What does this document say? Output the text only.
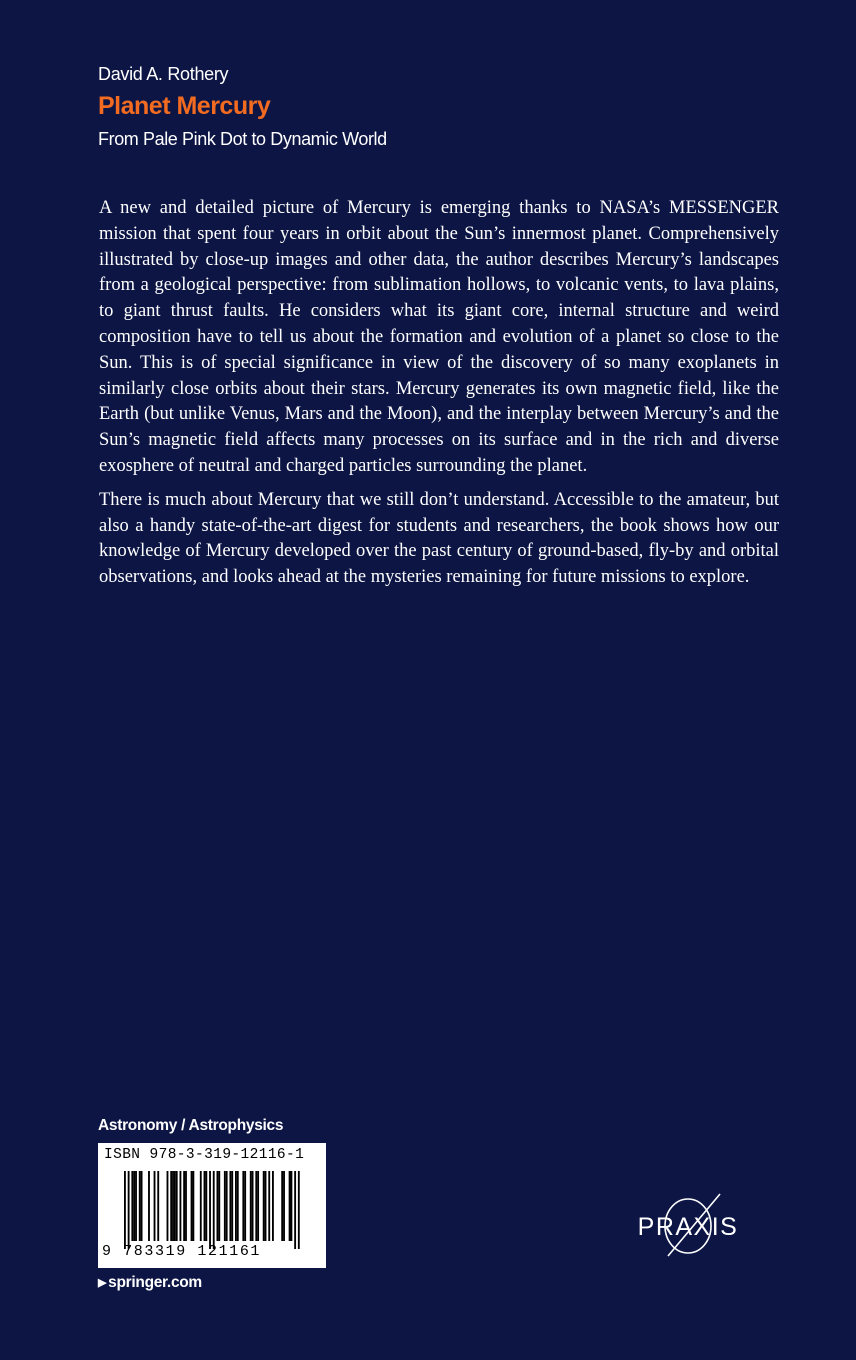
David A. Rothery
Planet Mercury
From Pale Pink Dot to Dynamic World

A new and detailed picture of Mercury is emerging thanks to NASA’s MESSENGER mission that spent four years in orbit about the Sun’s innermost planet. Comprehensively illustrated by close-up images and other data, the author describes Mercury’s landscapes from a geological perspective: from sublimation hollows, to volcanic vents, to lava plains, to giant thrust faults. He considers what its giant core, internal structure and weird composition have to tell us about the formation and evolution of a planet so close to the Sun. This is of special significance in view of the discovery of so many exoplanets in similarly close orbits about their stars. Mercury generates its own magnetic field, like the Earth (but unlike Venus, Mars and the Moon), and the interplay between Mercury’s and the Sun’s magnetic field affects many processes on its surface and in the rich and diverse exosphere of neutral and charged particles surrounding the planet.

There is much about Mercury that we still don’t understand. Accessible to the amateur, but also a handy state-of-the-art digest for students and researchers, the book shows how our knowledge of Mercury developed over the past century of ground-based, fly-by and orbital observations, and looks ahead at the mysteries remaining for future missions to explore.

Astronomy / Astrophysics
ISBN 978-3-319-12116-1
9 783319 121161
▶ springer.com
PRAXIS
